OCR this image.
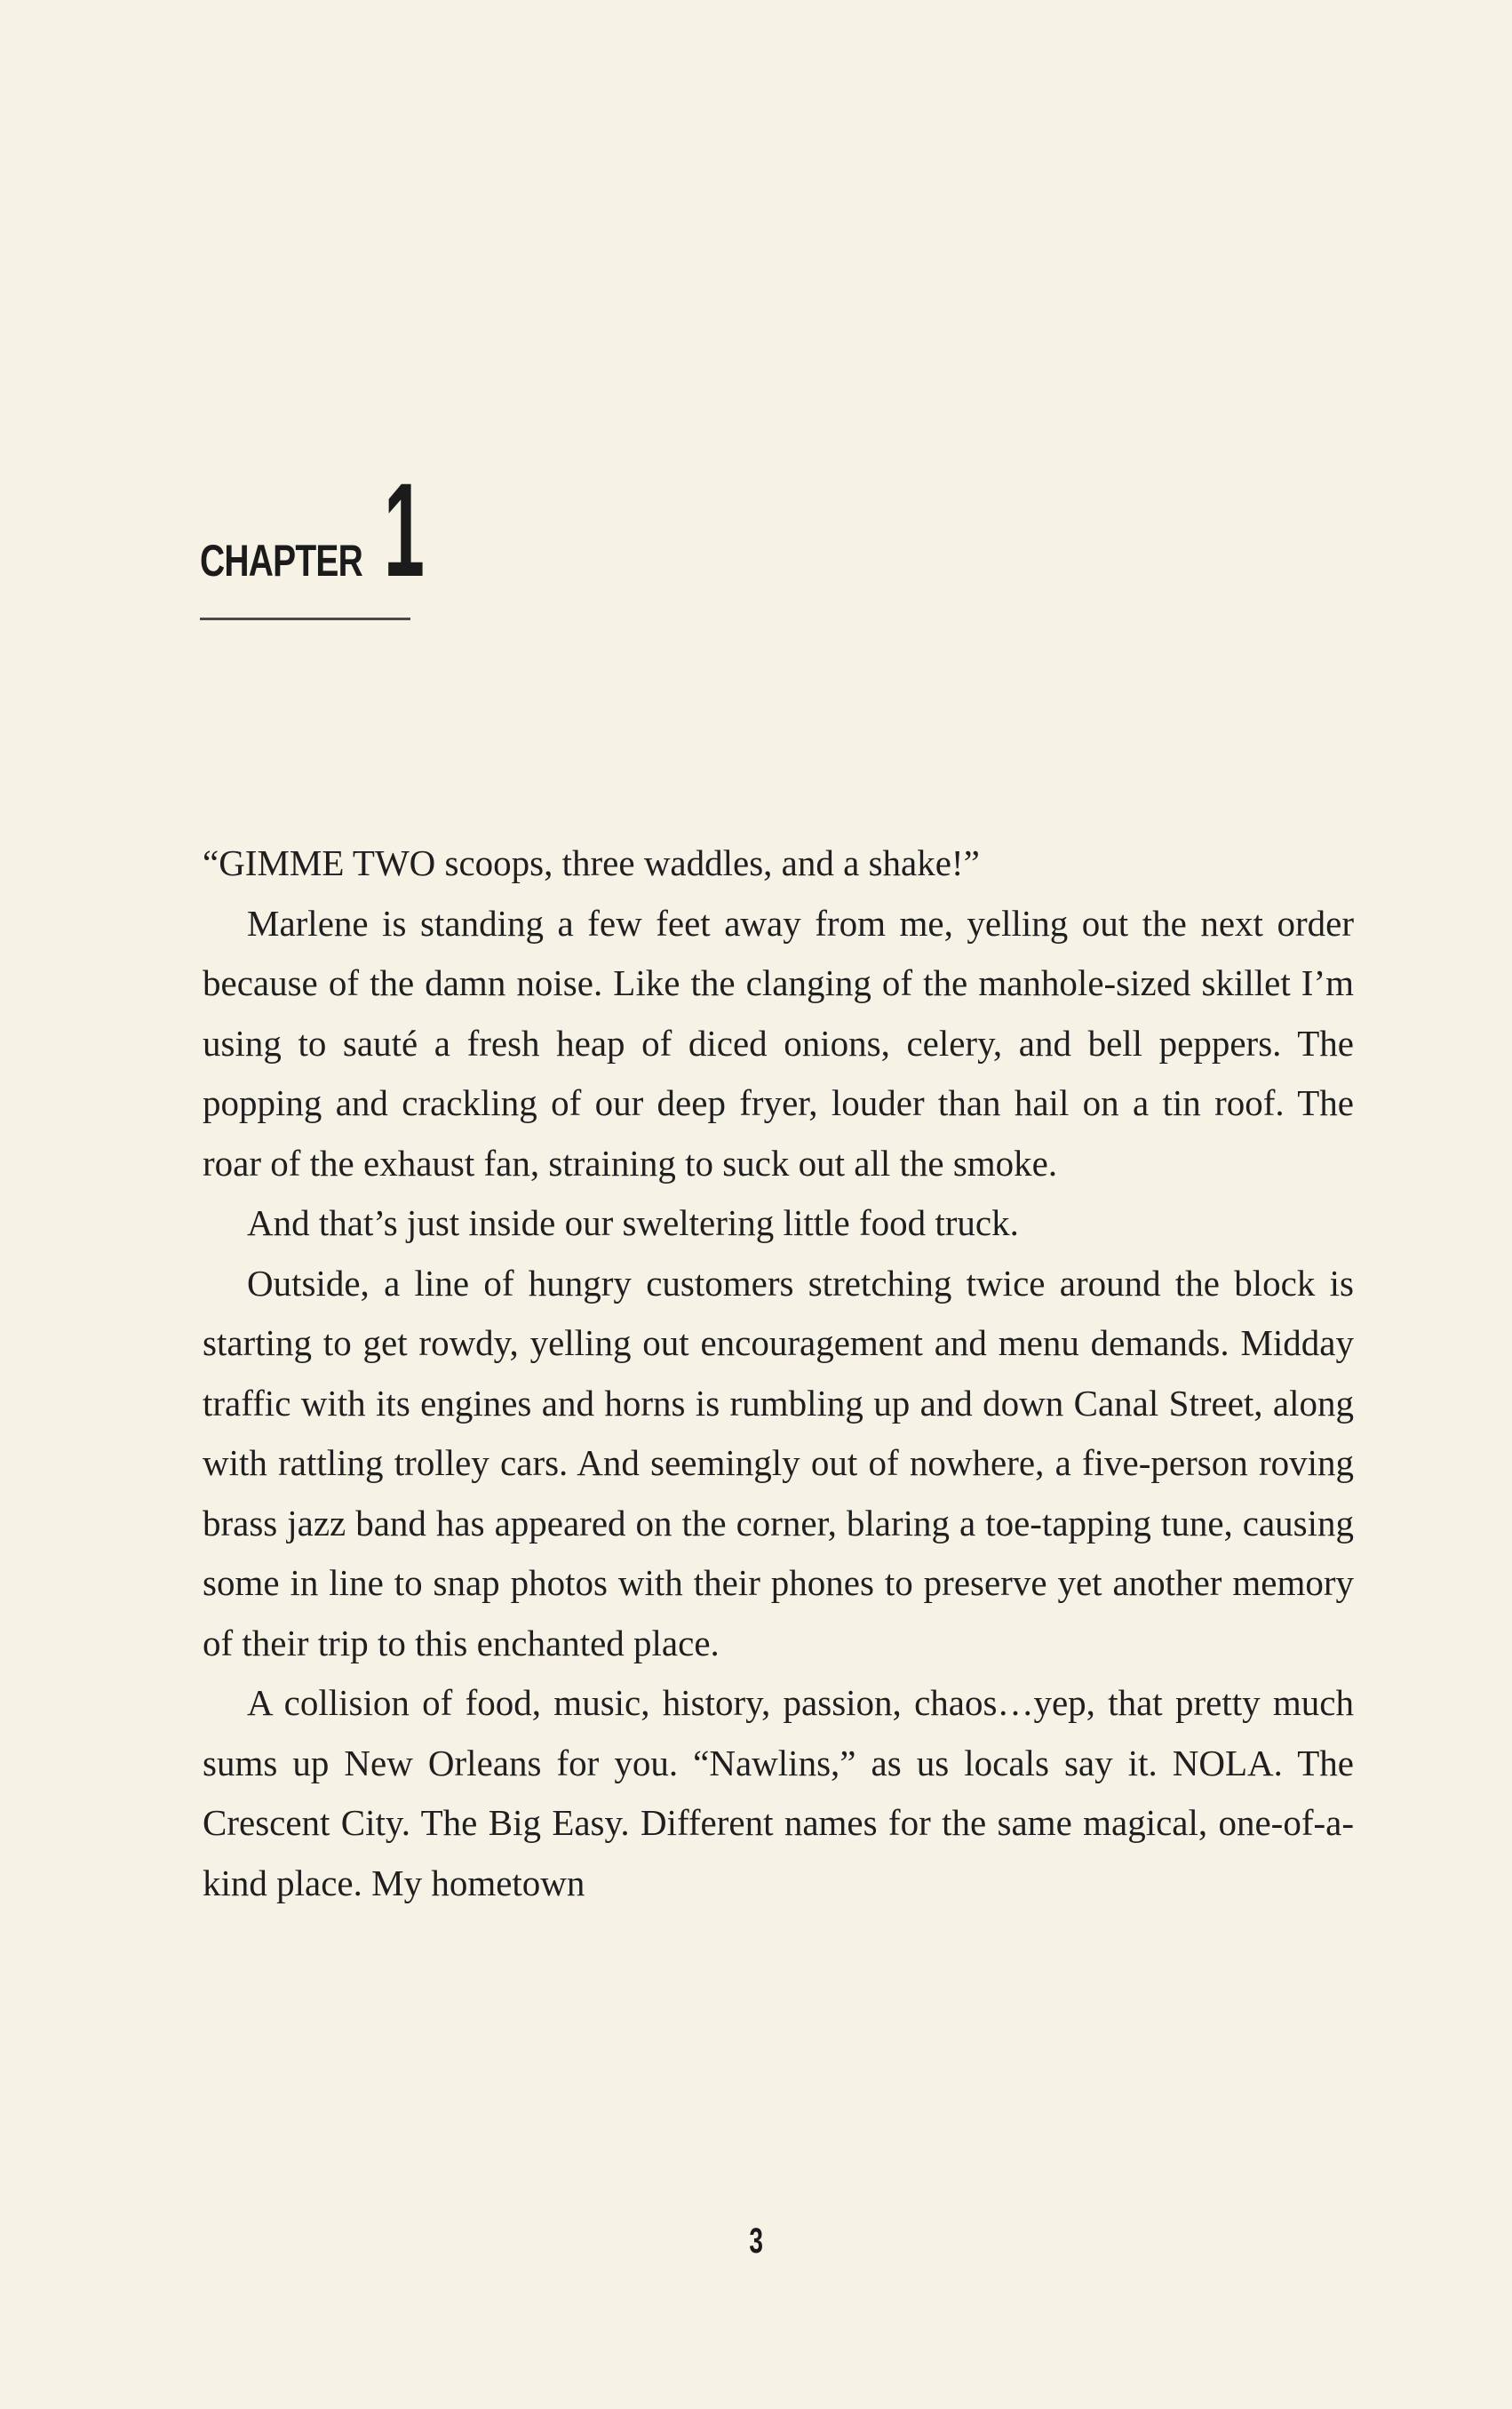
CHAPTER 1

“GIMME TWO scoops, three waddles, and a shake!”

Marlene is standing a few feet away from me, yelling out the next order because of the damn noise. Like the clanging of the manhole-sized skillet I’m using to sauté a fresh heap of diced onions, celery, and bell peppers. The popping and crackling of our deep fryer, louder than hail on a tin roof. The roar of the exhaust fan, straining to suck out all the smoke.

And that’s just inside our sweltering little food truck.

Outside, a line of hungry customers stretching twice around the block is starting to get rowdy, yelling out encouragement and menu demands. Midday traffic with its engines and horns is rumbling up and down Canal Street, along with rattling trolley cars. And seemingly out of nowhere, a five-person roving brass jazz band has appeared on the corner, blaring a toe-tapping tune, causing some in line to snap photos with their phones to preserve yet another memory of their trip to this enchanted place.

A collision of food, music, history, passion, chaos…yep, that pretty much sums up New Orleans for you. “Nawlins,” as us locals say it. NOLA. The Crescent City. The Big Easy. Different names for the same magical, one-of-a-kind place. My hometown

3
